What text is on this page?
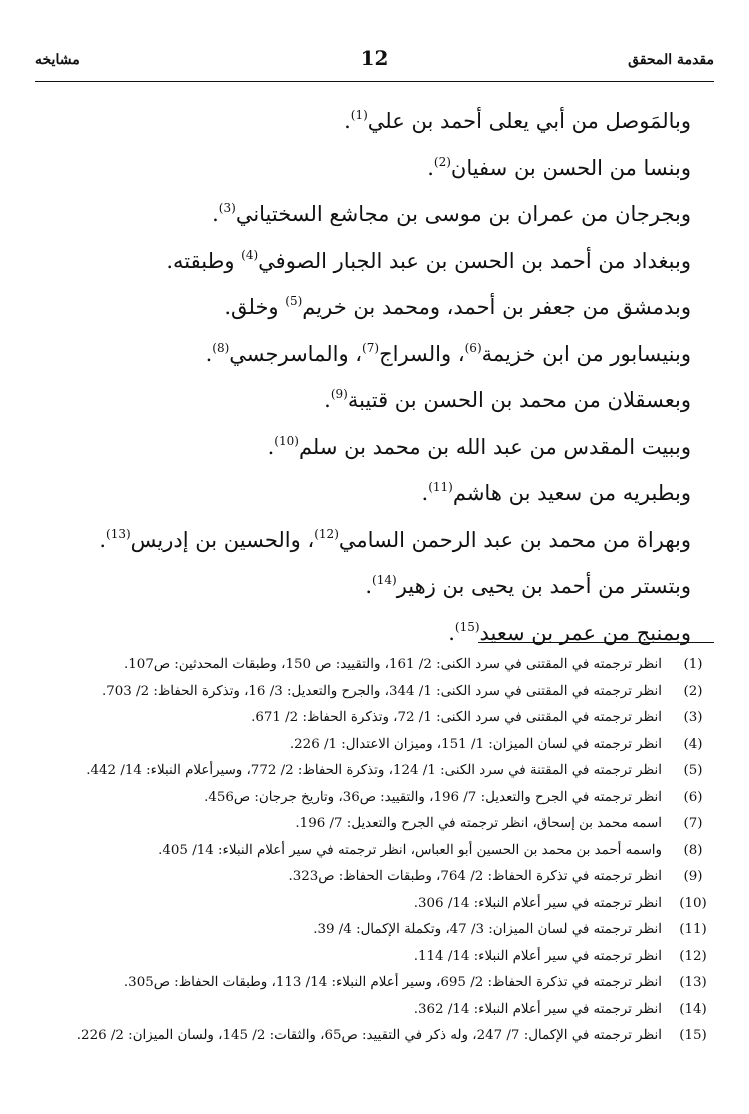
مقدمة المحقق
12
مشايخه
وبالمَوصل من أبي يعلى أحمد بن علي$^{(1)}$.
وبنسا من الحسن بن سفيان$^{(2)}$.
وبجرجان من عمران بن موسى بن مجاشع السختياني$^{(3)}$.
وببغداد من أحمد بن الحسن بن عبد الجبار الصوفي$^{(4)}$ وطبقته.
وبدمشق من جعفر بن أحمد، ومحمد بن خريم$^{(5)}$ وخلق.
وبنيسابور من ابن خزيمة$^{(6)}$، والسراج$^{(7)}$، والماسرجسي$^{(8)}$.
وبعسقلان من محمد بن الحسن بن قتيبة$^{(9)}$.
وببيت المقدس من عبد الله بن محمد بن سلم$^{(10)}$.
وبطبريه من سعيد بن هاشم$^{(11)}$.
وبهراة من محمد بن عبد الرحمن السامي$^{(12)}$، والحسين بن إدريس$^{(13)}$.
وبتستر من أحمد بن يحيى بن زهير$^{(14)}$.
وبمنبج من عمر بن سعيد$^{(15)}$.
(1)
انظر ترجمته في المقتنى في سرد الكنى: 2/ 161، والتقييد: ص 150، وطبقات المحدثين: ص107.
(2)
انظر ترجمته في المقتنى في سرد الكنى: 1/ 344، والجرح والتعديل: 3/ 16، وتذكرة الحفاظ: 2/ 703.
(3)
انظر ترجمته في المقتنى في سرد الكنى: 1/ 72، وتذكرة الحفاظ: 2/ 671.
(4)
انظر ترجمته في لسان الميزان: 1/ 151، وميزان الاعتدال: 1/ 226.
(5)
انظر ترجمته في المقتنة في سرد الكنى: 1/ 124، وتذكرة الحفاظ: 2/ 772، وسيرأعلام النبلاء: 14/ 442.
(6)
انظر ترجمته في الجرح والتعديل: 7/ 196، والتقييد: ص36، وتاريخ جرجان: ص456.
(7)
اسمه محمد بن إسحاق، انظر ترجمته في الجرح والتعديل: 7/ 196.
(8)
واسمه أحمد بن محمد بن الحسين أبو العباس، انظر ترجمته في سير أعلام النبلاء: 14/ 405.
(9)
انظر ترجمته في تذكرة الحفاظ: 2/ 764، وطبقات الحفاظ: ص323.
(10)
انظر ترجمته في سير أعلام النبلاء: 14/ 306.
(11)
انظر ترجمته في لسان الميزان: 3/ 47، وتكملة الإكمال: 4/ 39.
(12)
انظر ترجمته في سير أعلام النبلاء: 14/ 114.
(13)
انظر ترجمته في تذكرة الحفاظ: 2/ 695، وسير أعلام النبلاء: 14/ 113، وطبقات الحفاظ: ص305.
(14)
انظر ترجمته في سير أعلام النبلاء: 14/ 362.
(15)
انظر ترجمته في الإكمال: 7/ 247، وله ذكر في التقييد: ص65، والثقات: 2/ 145، ولسان الميزان: 2/ 226.
